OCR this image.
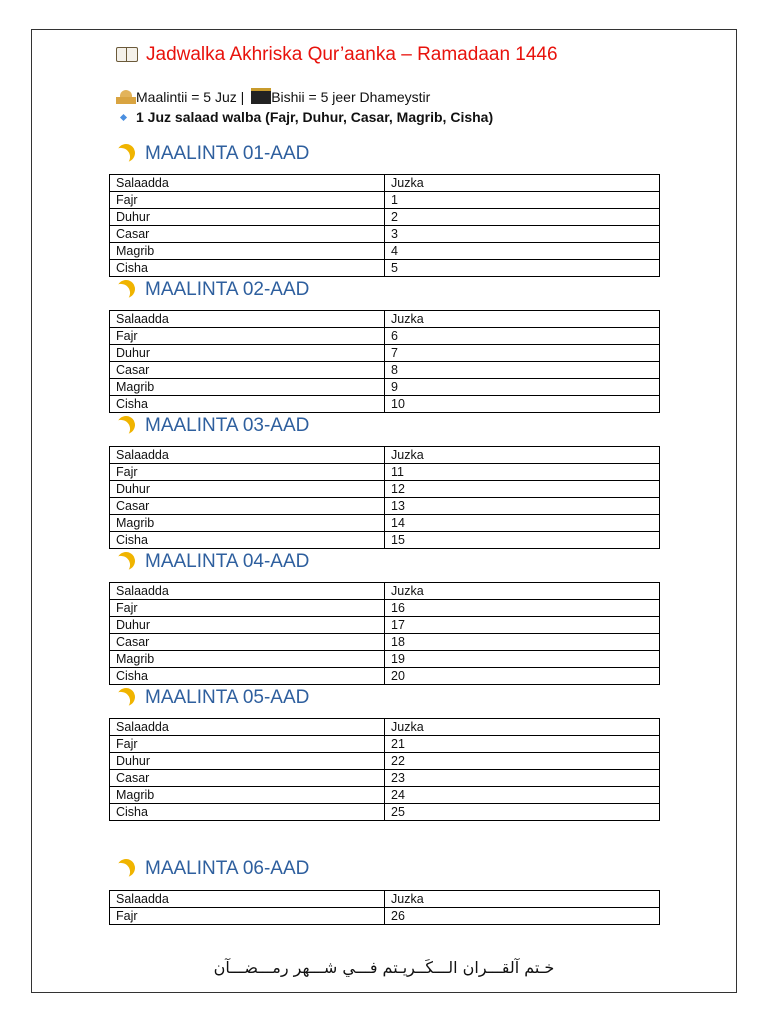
Jadwalka Akhriska Qur’aanka – Ramadaan 1446
Maalintii = 5 Juz | Bishii = 5 jeer Dhameystir
1 Juz salaad walba (Fajr, Duhur, Casar, Magrib, Cisha)
MAALINTA 01-AAD
Salaadda	Juzka
Fajr	1
Duhur	2
Casar	3
Magrib	4
Cisha	5
MAALINTA 02-AAD
Salaadda	Juzka
Fajr	6
Duhur	7
Casar	8
Magrib	9
Cisha	10
MAALINTA 03-AAD
Salaadda	Juzka
Fajr	11
Duhur	12
Casar	13
Magrib	14
Cisha	15
MAALINTA 04-AAD
Salaadda	Juzka
Fajr	16
Duhur	17
Casar	18
Magrib	19
Cisha	20
MAALINTA 05-AAD
Salaadda	Juzka
Fajr	21
Duhur	22
Casar	23
Magrib	24
Cisha	25
MAALINTA 06-AAD
Salaadda	Juzka
Fajr	26
خـتم آلقـــران الـــكَــريـتم فـــي شـــهر رمـــضـــآن
